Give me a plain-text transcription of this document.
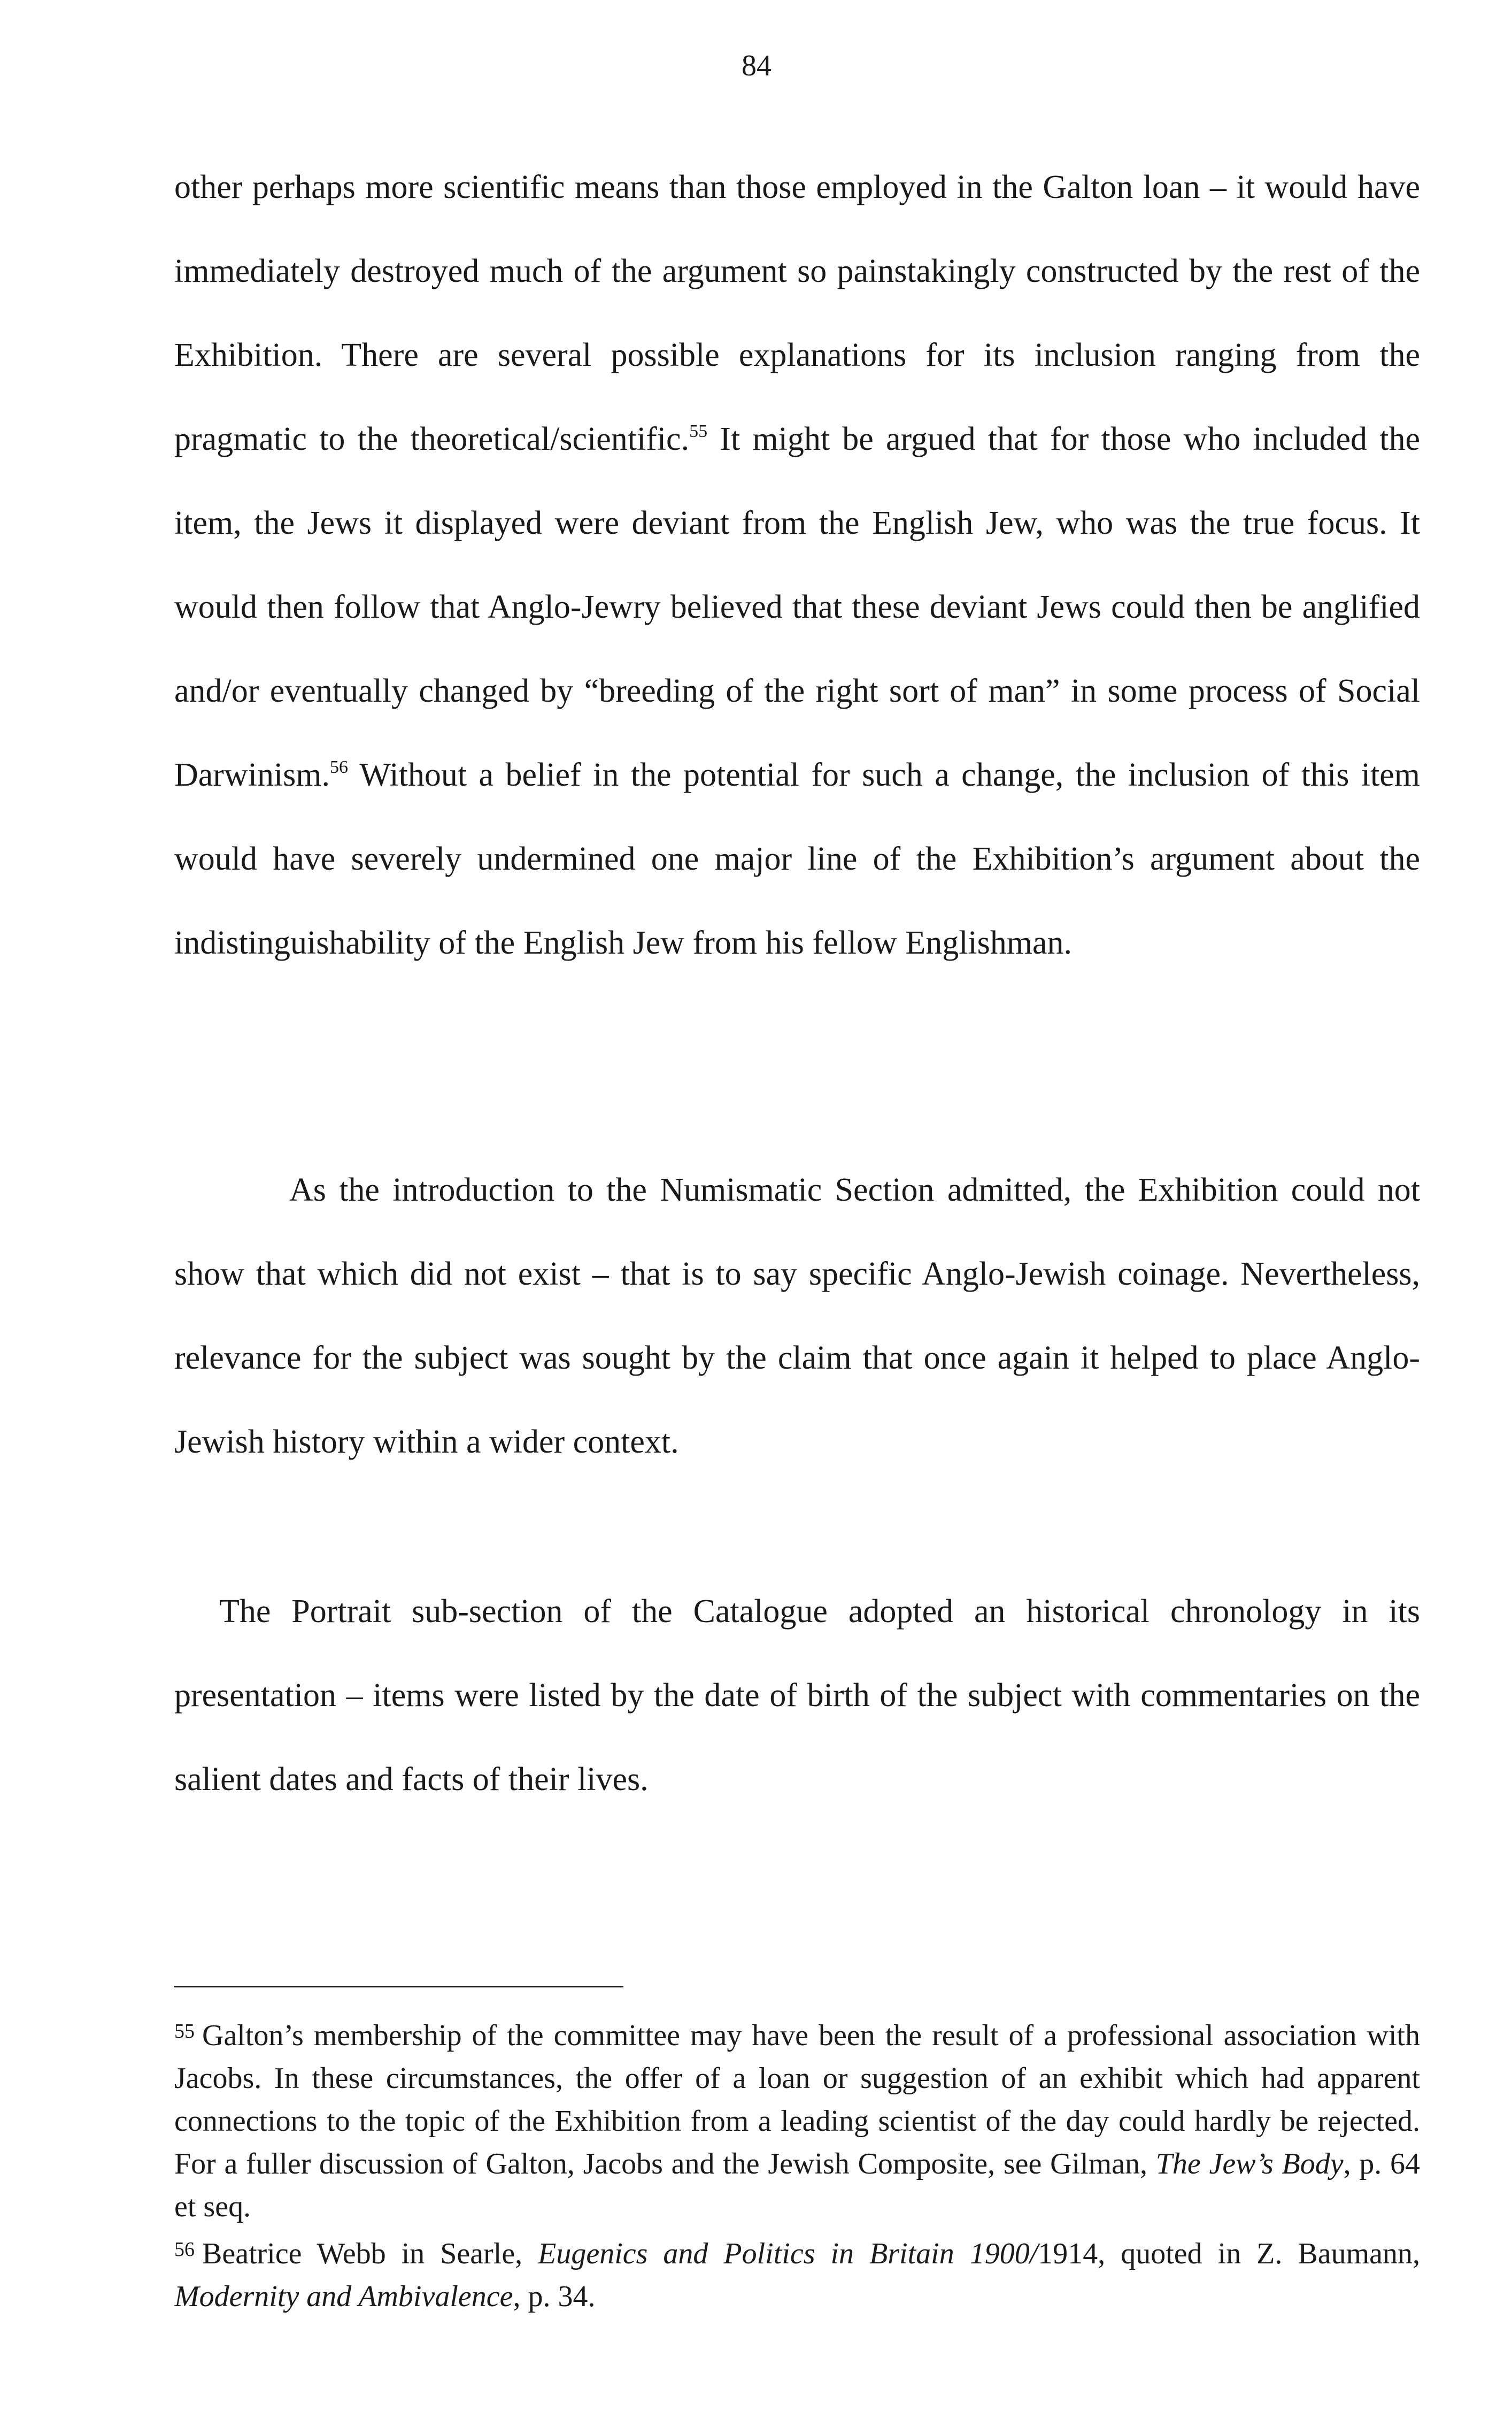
84

other perhaps more scientific means than those employed in the Galton loan – it would have immediately destroyed much of the argument so painstakingly constructed by the rest of the Exhibition. There are several possible explanations for its inclusion ranging from the pragmatic to the theoretical/scientific.$^{55}$ It might be argued that for those who included the item, the Jews it displayed were deviant from the English Jew, who was the true focus. It would then follow that Anglo-Jewry believed that these deviant Jews could then be anglified and/or eventually changed by “breeding of the right sort of man” in some process of Social Darwinism.$^{56}$ Without a belief in the potential for such a change, the inclusion of this item would have severely undermined one major line of the Exhibition’s argument about the indistinguishability of the English Jew from his fellow Englishman.

As the introduction to the Numismatic Section admitted, the Exhibition could not show that which did not exist – that is to say specific Anglo-Jewish coinage. Nevertheless, relevance for the subject was sought by the claim that once again it helped to place Anglo-Jewish history within a wider context.

The Portrait sub-section of the Catalogue adopted an historical chronology in its presentation – items were listed by the date of birth of the subject with commentaries on the salient dates and facts of their lives.

$^{55}$ Galton’s membership of the committee may have been the result of a professional association with Jacobs. In these circumstances, the offer of a loan or suggestion of an exhibit which had apparent connections to the topic of the Exhibition from a leading scientist of the day could hardly be rejected. For a fuller discussion of Galton, Jacobs and the Jewish Composite, see Gilman, The Jew’s Body, p. 64 et seq.

$^{56}$ Beatrice Webb in Searle, Eugenics and Politics in Britain 1900/1914, quoted in Z. Baumann, Modernity and Ambivalence, p. 34.
